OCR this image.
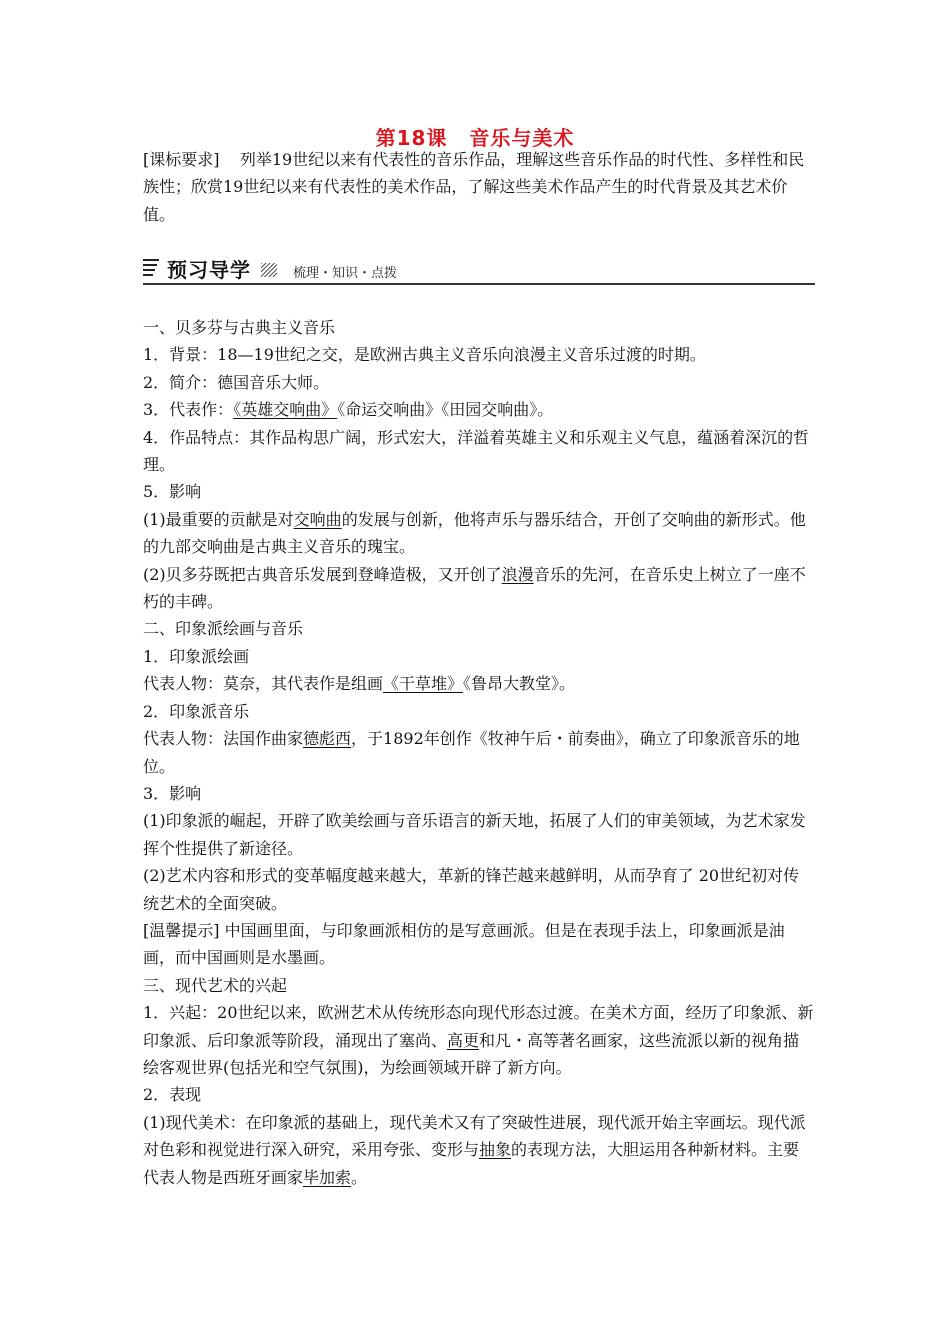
第18课 音乐与美术
[课标要求] 列举19世纪以来有代表性的音乐作品，理解这些音乐作品的时代性、多样性和民族性；欣赏19世纪以来有代表性的美术作品，了解这些美术作品产生的时代背景及其艺术价值。
预习导学	梳理・知识・点拨
一、贝多芬与古典主义音乐
1．背景：18—19世纪之交，是欧洲古典主义音乐向浪漫主义音乐过渡的时期。
2．简介：德国音乐大师。
3．代表作：《英雄交响曲》《命运交响曲》《田园交响曲》。
4．作品特点：其作品构思广阔，形式宏大，洋溢着英雄主义和乐观主义气息，蕴涵着深沉的哲理。
5．影响
(1)最重要的贡献是对交响曲的发展与创新，他将声乐与器乐结合，开创了交响曲的新形式。他的九部交响曲是古典主义音乐的瑰宝。
(2)贝多芬既把古典音乐发展到登峰造极，又开创了浪漫音乐的先河，在音乐史上树立了一座不朽的丰碑。
二、印象派绘画与音乐
1．印象派绘画
代表人物：莫奈，其代表作是组画《干草堆》《鲁昂大教堂》。
2．印象派音乐
代表人物：法国作曲家德彪西，于1892年创作《牧神午后・前奏曲》，确立了印象派音乐的地位。
3．影响
(1)印象派的崛起，开辟了欧美绘画与音乐语言的新天地，拓展了人们的审美领域，为艺术家发挥个性提供了新途径。
(2)艺术内容和形式的变革幅度越来越大，革新的锋芒越来越鲜明，从而孕育了 20世纪初对传统艺术的全面突破。
[温馨提示] 中国画里面，与印象画派相仿的是写意画派。但是在表现手法上，印象画派是油画，而中国画则是水墨画。
三、现代艺术的兴起
1．兴起：20世纪以来，欧洲艺术从传统形态向现代形态过渡。在美术方面，经历了印象派、新印象派、后印象派等阶段，涌现出了塞尚、高更和凡・高等著名画家，这些流派以新的视角描绘客观世界(包括光和空气氛围)，为绘画领域开辟了新方向。
2．表现
(1)现代美术：在印象派的基础上，现代美术又有了突破性进展，现代派开始主宰画坛。现代派对色彩和视觉进行深入研究，采用夸张、变形与抽象的表现方法，大胆运用各种新材料。主要代表人物是西班牙画家毕加索。
